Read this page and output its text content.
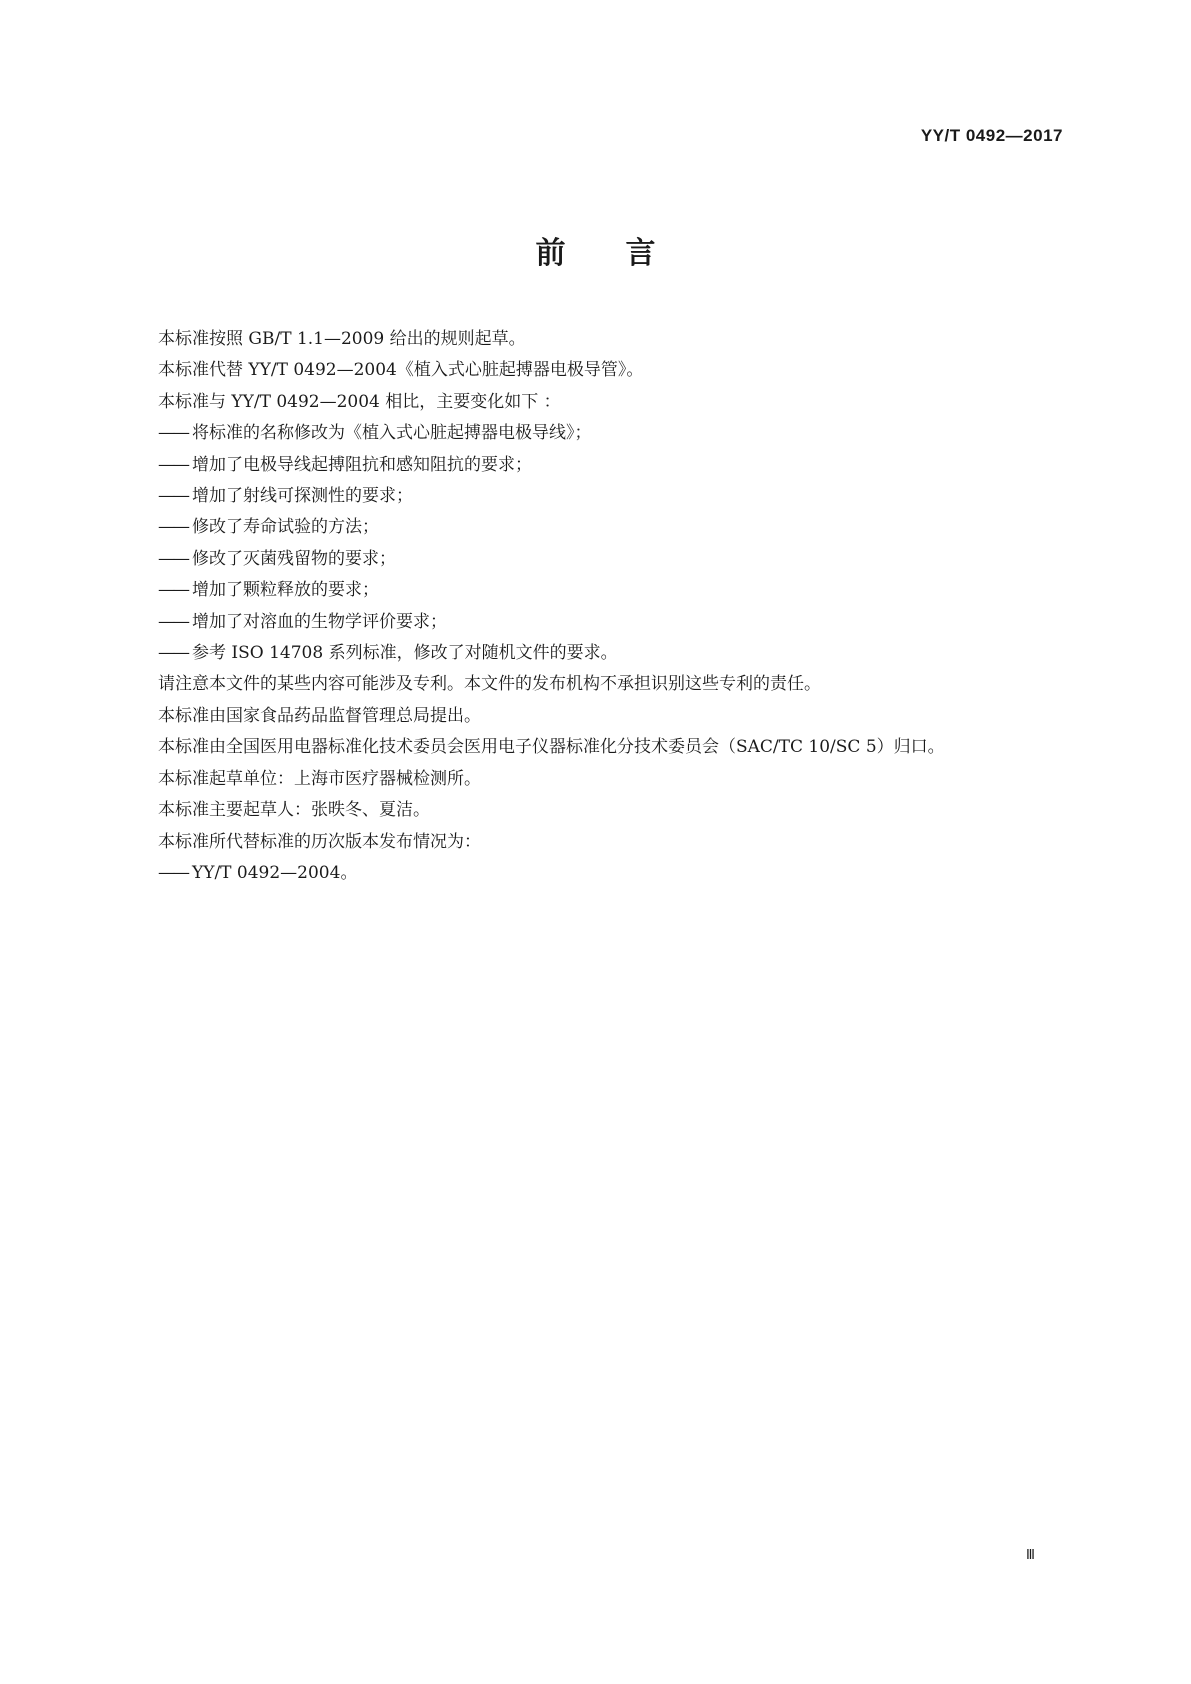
YY/T 0492—2017
前言

本标准按照 GB/T 1.1—2009 给出的规则起草。

本标准代替 YY/T 0492—2004《植入式心脏起搏器电极导管》。

本标准与 YY/T 0492—2004 相比，主要变化如下 ：

—— 将标准的名称修改为《植入式心脏起搏器电极导线》；

—— 增加了电极导线起搏阻抗和感知阻抗的要求；

—— 增加了射线可探测性的要求；

—— 修改了寿命试验的方法；

—— 修改了灭菌残留物的要求；

—— 增加了颗粒释放的要求；

—— 增加了对溶血的生物学评价要求；

—— 参考 ISO 14708 系列标准，修改了对随机文件的要求。

请注意本文件的某些内容可能涉及专利。本文件的发布机构不承担识别这些专利的责任。

本标准由国家食品药品监督管理总局提出。

本标准由全国医用电器标准化技术委员会医用电子仪器标准化分技术委员会（SAC/TC 10/SC 5）归口。

本标准起草单位：上海市医疗器械检测所。

本标准主要起草人：张昳冬、夏洁。

本标准所代替标准的历次版本发布情况为：

—— YY/T 0492—2004。

Ⅲ
